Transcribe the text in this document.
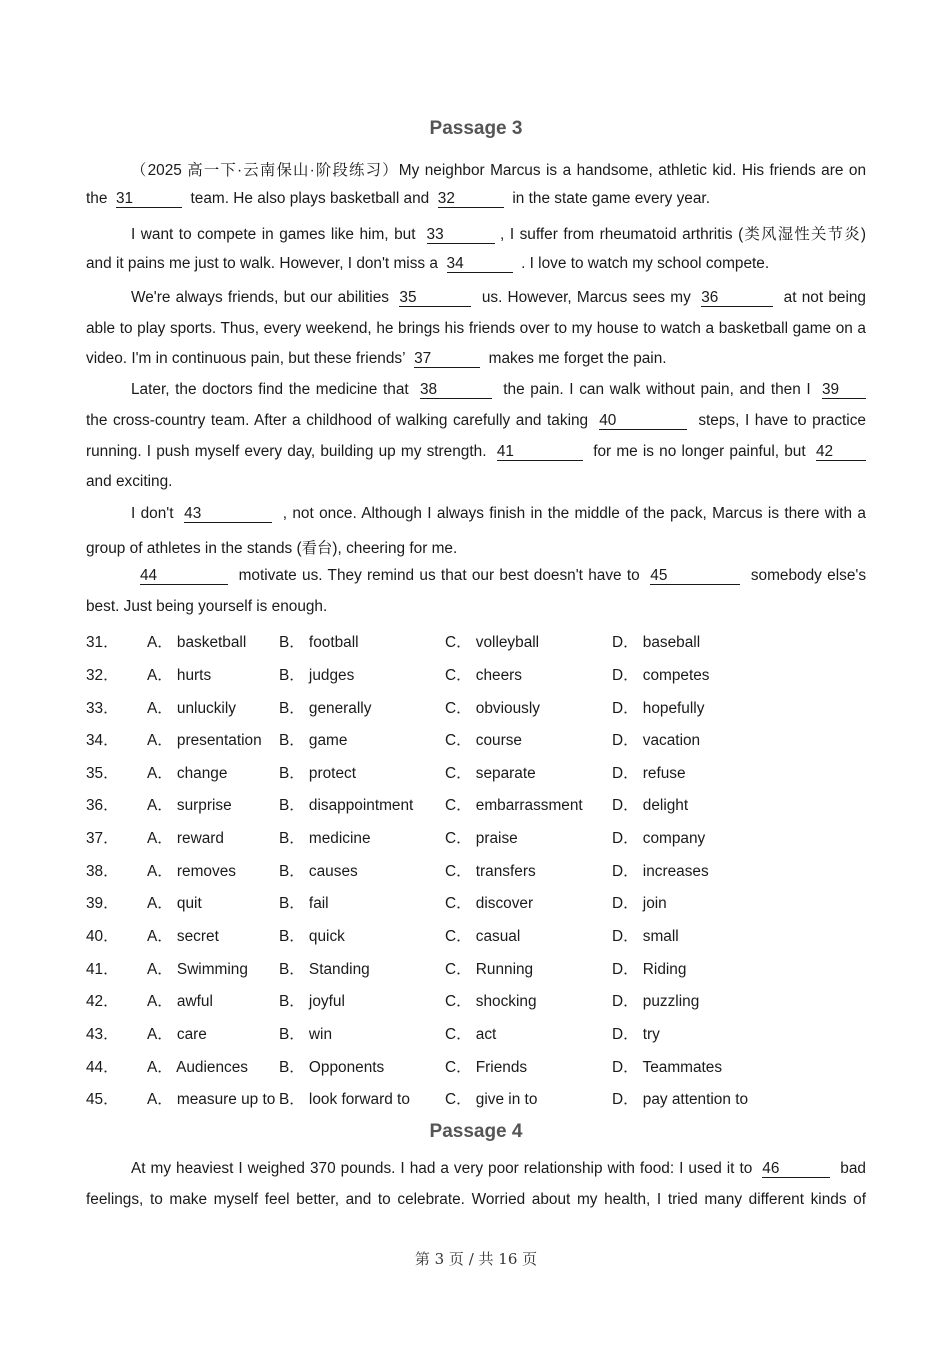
Passage 3
（2025 高一下·云南保山·阶段练习）My neighbor Marcus is a handsome, athletic kid. His friends are on
the 31	team. He also plays basketball and 32	in the state game every year.
I want to compete in games like him, but 33	, I suffer from rheumatoid arthritis (类风湿性关节炎)
and it pains me just to walk. However, I don't miss a 34	. I love to watch my school compete.
We're always friends, but our abilities 35	us. However, Marcus sees my 36	at not being
able to play sports. Thus, every weekend, he brings his friends over to my house to watch a basketball game on a
video. I'm in continuous pain, but these friends’ 37	makes me forget the pain.
Later, the doctors find the medicine that 38	the pain. I can walk without pain, and then I 39
the cross-country team. After a childhood of walking carefully and taking 40	steps, I have to practice
running. I push myself every day, building up my strength. 41	for me is no longer painful, but 42
and exciting.
I don't 43	, not once. Although I always finish in the middle of the pack, Marcus is there with a
group of athletes in the stands (看台), cheering for me.
44	motivate us. They remind us that our best doesn't have to 45	somebody else's
best. Just being yourself is enough.
31． A． basketball B． football	C． volleyball	D． baseball
32． A． hurts	B． judges	C． cheers	D． competes
33． A． unluckily	B． generally	C． obviously	D． hopefully
34． A． presentation B． game	C． course	D． vacation
35． A． change	B． protect	C． separate	D． refuse
36． A． surprise	B． disappointment C． embarrassment D． delight
37． A． reward	B． medicine	C． praise	D． company
38． A． removes	B． causes	C． transfers	D． increases
39． A． quit	B． fail	C． discover	D． join
40． A． secret	B． quick	C． casual	D． small
41． A． Swimming B． Standing	C． Running	D． Riding
42． A． awful	B． joyful	C． shocking	D． puzzling
43． A． care	B． win	C． act	D． try
44． A． Audiences B． Opponents	C． Friends	D． Teammates
45． A． measure up to B． look forward to C． give in to	D． pay attention to
Passage 4
At my heaviest I weighed 370 pounds. I had a very poor relationship with food: I used it to 46	bad
feelings, to make myself feel better, and to celebrate. Worried about my health, I tried many different kinds of
第 3 页 / 共 16 页
